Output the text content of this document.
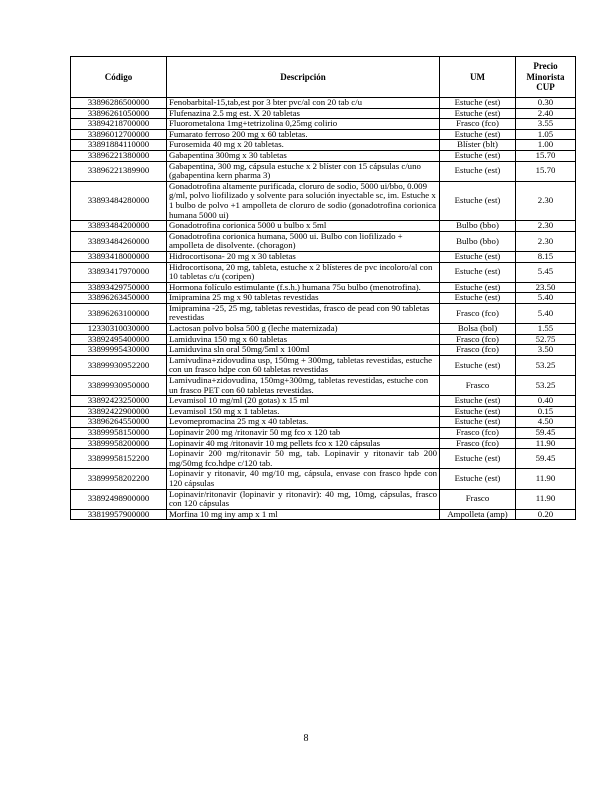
Código	Descripción	UM	Precio Minorista CUP
33896286500000	Fenobarbital-15,tab,est por 3 bter pvc/al con 20 tab c/u	Estuche (est)	0.30
33896261050000	Flufenazina 2.5 mg est. X 20 tabletas	Estuche (est)	2.40
33894218700000	Fluorometalona 1mg+tetrizolina 0,25mg colirio	Frasco (fco)	3.55
33896012700000	Fumarato ferroso 200 mg x 60 tabletas.	Estuche (est)	1.05
33891884110000	Furosemida 40 mg x 20 tabletas.	Blíster (blt)	1.00
33896221380000	Gabapentina 300mg x 30 tabletas	Estuche (est)	15.70
33896221389900	Gabapentina, 300 mg, cápsula estuche x 2 blíster con 15 cápsulas c/uno (gabapentina kern pharma 3)	Estuche (est)	15.70
33893484280000	Gonadotrofina altamente purificada, cloruro de sodio, 5000 ui/bbo, 0.009 g/ml, polvo liofilizado y solvente para solución inyectable sc, im. Estuche x 1 bulbo de polvo +1 ampolleta de cloruro de sodio (gonadotrofina corionica humana 5000 ui)	Estuche (est)	2.30
33893484200000	Gonadotrofina corionica 5000 u bulbo x 5ml	Bulbo (bbo)	2.30
33893484260000	Gonadotrofina corionica humana, 5000 ui. Bulbo con liofilizado + ampolleta de disolvente. (choragon)	Bulbo (bbo)	2.30
33893418000000	Hidrocortisona- 20 mg x 30 tabletas	Estuche (est)	8.15
33893417970000	Hidrocortisona, 20 mg, tableta, estuche x 2 blísteres de pvc incoloro/al con 10 tabletas c/u (coripen)	Estuche (est)	5.45
33893429750000	Hormona folículo estimulante (f.s.h.) humana 75u bulbo (menotrofina).	Estuche (est)	23.50
33896263450000	Imipramina 25 mg x 90 tabletas revestidas	Estuche (est)	5.40
33896263100000	Imipramina -25, 25 mg, tabletas revestidas, frasco de pead con 90 tabletas revestidas	Frasco (fco)	5.40
12330310030000	Lactosan polvo bolsa 500 g (leche maternizada)	Bolsa (bol)	1.55
33892495400000	Lamiduvina 150 mg x 60 tabletas	Frasco (fco)	52.75
33899995430000	Lamiduvina sln oral 50mg/5ml x 100ml	Frasco (fco)	3.50
33899930952200	Lamivudina+zidovudina usp, 150mg + 300mg, tabletas revestidas, estuche con un frasco hdpe con 60 tabletas revestidas	Estuche (est)	53.25
33899930950000	Lamivudina+zidovudina, 150mg+300mg, tabletas revestidas, estuche con un frasco PET con 60 tabletas revestidas.	Frasco	53.25
33892423250000	Levamisol 10 mg/ml (20 gotas) x 15 ml	Estuche (est)	0.40
33892422900000	Levamisol 150 mg x 1 tabletas.	Estuche (est)	0.15
33896264550000	Levomepromacina 25 mg x 40 tabletas.	Estuche (est)	4.50
33899958150000	Lopinavir 200 mg /ritonavir 50 mg fco x 120 tab	Frasco (fco)	59.45
33899958200000	Lopinavir 40 mg /ritonavir 10 mg pellets fco x 120 cápsulas	Frasco (fco)	11.90
33899958152200	Lopinavir 200 mg/ritonavir 50 mg, tab. Lopinavir y ritonavir tab 200 mg/50mg fco.hdpe c/120 tab.	Estuche (est)	59.45
33899958202200	Lopinavir y ritonavir, 40 mg/10 mg, cápsula, envase con frasco hpde con 120 cápsulas	Estuche (est)	11.90
33892498900000	Lopinavir/ritonavir (lopinavir y ritonavir): 40 mg, 10mg, cápsulas, frasco con 120 cápsulas	Frasco	11.90
33819957900000	Morfina 10 mg iny amp x 1 ml	Ampolleta (amp)	0.20
8
